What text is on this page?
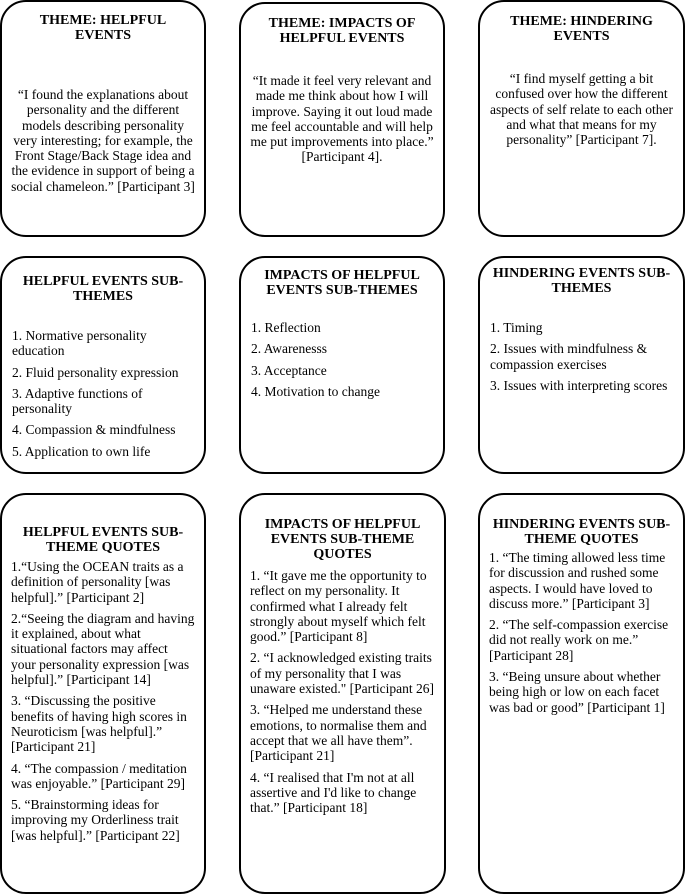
THEME: HELPFUL EVENTS
“I found the explanations about personality and the different models describing personality very interesting; for example, the Front Stage/Back Stage idea and the evidence in support of being a social chameleon.” [Participant 3]
THEME: IMPACTS OF HELPFUL EVENTS
“It made it feel very relevant and made me think about how I will improve. Saying it out loud made me feel accountable and will help me put improvements into place.” [Participant 4].
THEME: HINDERING EVENTS
“I find myself getting a bit confused over how the different aspects of self relate to each other and what that means for my personality” [Participant 7].
HELPFUL EVENTS SUB-THEMES
1. Normative personality education
2. Fluid personality expression
3. Adaptive functions of personality
4. Compassion & mindfulness
5. Application to own life
IMPACTS OF HELPFUL EVENTS SUB-THEMES
1. Reflection
2. Awarenesss
3. Acceptance
4. Motivation to change
HINDERING EVENTS SUB-THEMES
1. Timing
2. Issues with mindfulness & compassion exercises
3. Issues with interpreting scores
HELPFUL EVENTS SUB-THEME QUOTES
1.“Using the OCEAN traits as a definition of personality [was helpful].” [Participant 2]
2.“Seeing the diagram and having it explained, about what situational factors may affect your personality expression [was helpful].” [Participant 14]
3. “Discussing the positive benefits of having high scores in Neuroticism [was helpful].” [Participant 21]
4. “The compassion / meditation was enjoyable.” [Participant 29]
5. “Brainstorming ideas for improving my Orderliness trait [was helpful].” [Participant 22]
IMPACTS OF HELPFUL EVENTS SUB-THEME QUOTES
1. “It gave me the opportunity to reflect on my personality. It confirmed what I already felt strongly about myself which felt good.” [Participant 8]
2. “I acknowledged existing traits of my personality that I was unaware existed." [Participant 26]
3. “Helped me understand these emotions, to normalise them and accept that we all have them”. [Participant 21]
4. “I realised that I'm not at all assertive and I'd like to change that.” [Participant 18]
HINDERING EVENTS SUB-THEME QUOTES
1. “The timing allowed less time for discussion and rushed some aspects. I would have loved to discuss more.” [Participant 3]
2. “The self-compassion exercise did not really work on me.” [Participant 28]
3. “Being unsure about whether being high or low on each facet was bad or good” [Participant 1]
